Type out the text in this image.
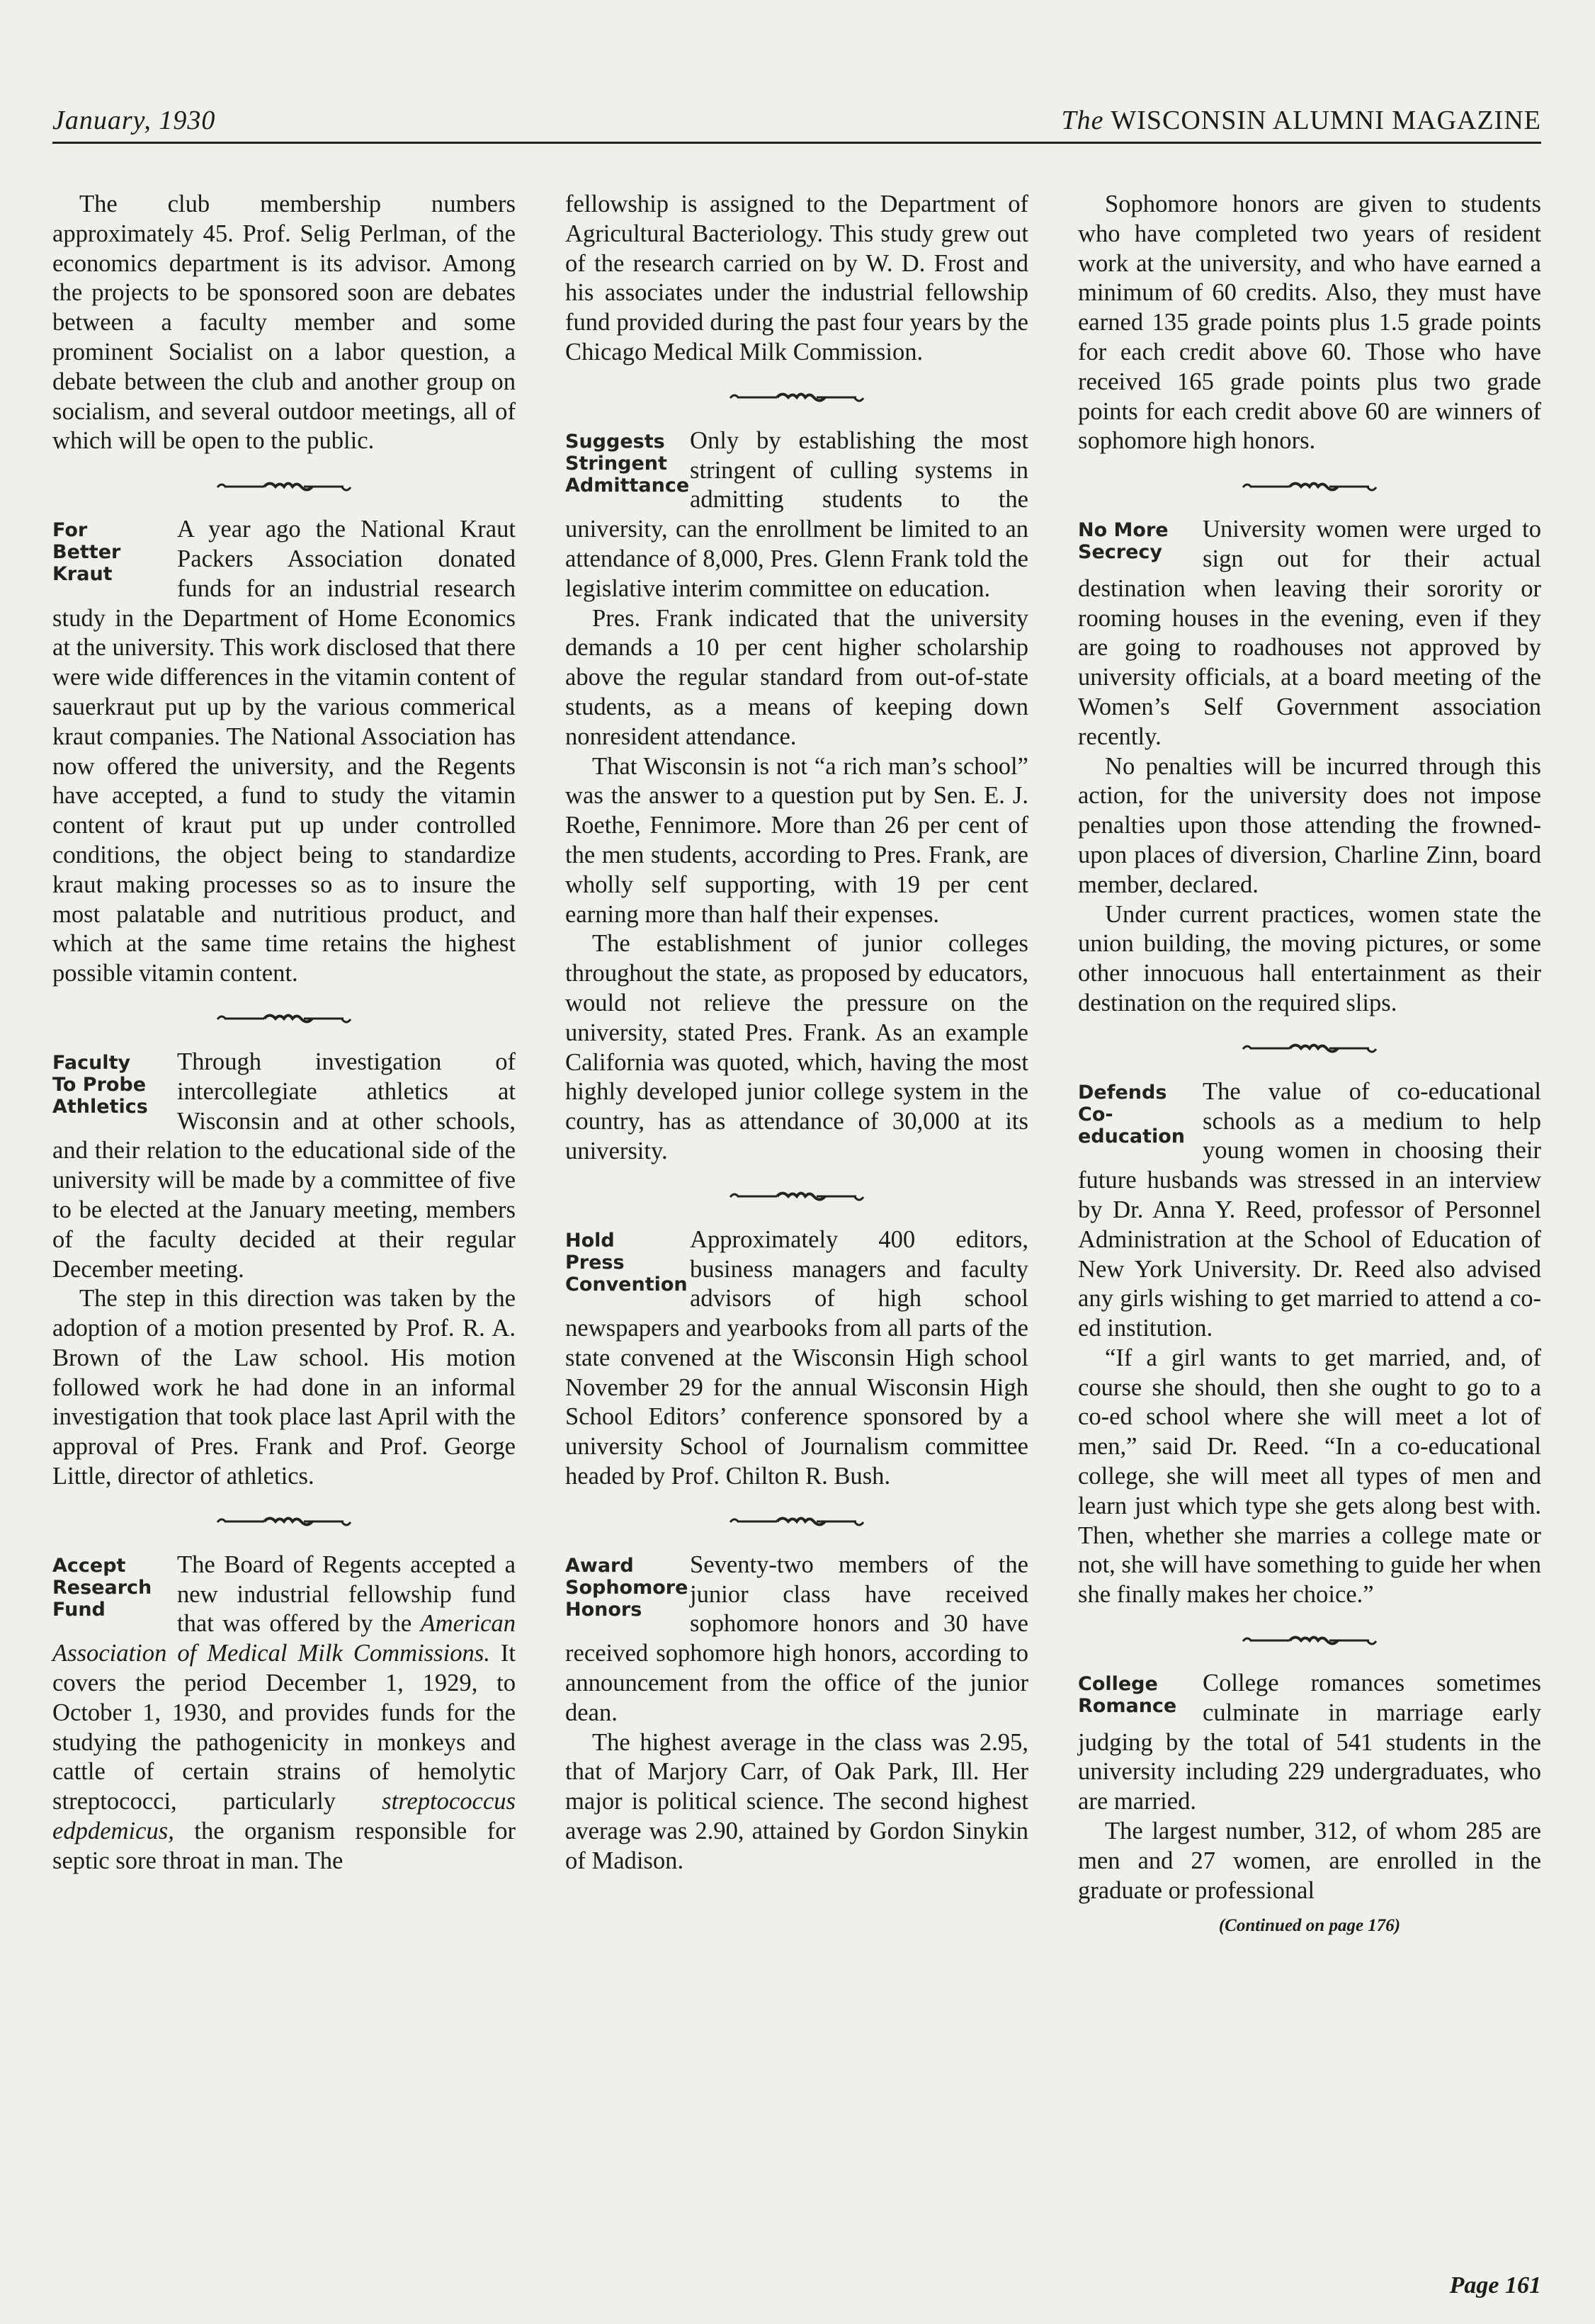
January, 1930	The WISCONSIN ALUMNI MAGAZINE

The club membership numbers approximately 45. Prof. Selig Perlman, of the economics department is its advisor. Among the projects to be sponsored soon are debates between a faculty member and some prominent Socialist on a labor question, a debate between the club and another group on socialism, and several outdoor meetings, all of which will be open to the public.

For
Better
Kraut

A year ago the National Kraut Packers Association donated funds for an industrial research study in the Department of Home Economics at the university. This work disclosed that there were wide differences in the vitamin content of sauerkraut put up by the various commerical kraut companies. The National Association has now offered the university, and the Regents have accepted, a fund to study the vitamin content of kraut put up under controlled conditions, the object being to standardize kraut making processes so as to insure the most palatable and nutritious product, and which at the same time retains the highest possible vitamin content.

Faculty
To Probe
Athletics

Through investigation of intercollegiate athletics at Wisconsin and at other schools, and their relation to the educational side of the university will be made by a committee of five to be elected at the January meeting, members of the faculty decided at their regular December meeting.

The step in this direction was taken by the adoption of a motion presented by Prof. R. A. Brown of the Law school. His motion followed work he had done in an informal investigation that took place last April with the approval of Pres. Frank and Prof. George Little, director of athletics.

Accept
Research
Fund

The Board of Regents accepted a new industrial fellowship fund that was offered by the American Association of Medical Milk Commissions. It covers the period December 1, 1929, to October 1, 1930, and provides funds for the studying the pathogenicity in monkeys and cattle of certain strains of hemolytic streptococci, particularly streptococcus edpdemicus, the organism responsible for septic sore throat in man. The

fellowship is assigned to the Department of Agricultural Bacteriology. This study grew out of the research carried on by W. D. Frost and his associates under the industrial fellowship fund provided during the past four years by the Chicago Medical Milk Commission.

Suggests
Stringent
Admittance

Only by establishing the most stringent of culling systems in admitting students to the university, can the enrollment be limited to an attendance of 8,000, Pres. Glenn Frank told the legislative interim committee on education.

Pres. Frank indicated that the university demands a 10 per cent higher scholarship above the regular standard from out-of-state students, as a means of keeping down nonresident attendance.

That Wisconsin is not “a rich man’s school” was the answer to a question put by Sen. E. J. Roethe, Fennimore. More than 26 per cent of the men students, according to Pres. Frank, are wholly self supporting, with 19 per cent earning more than half their expenses.

The establishment of junior colleges throughout the state, as proposed by educators, would not relieve the pressure on the university, stated Pres. Frank. As an example California was quoted, which, having the most highly developed junior college system in the country, has as attendance of 30,000 at its university.

Hold
Press
Convention

Approximately 400 editors, business managers and faculty advisors of high school newspapers and yearbooks from all parts of the state convened at the Wisconsin High school November 29 for the annual Wisconsin High School Editors’ conference sponsored by a university School of Journalism committee headed by Prof. Chilton R. Bush.

Award
Sophomore
Honors

Seventy-two members of the junior class have received sophomore honors and 30 have received sophomore high honors, according to announcement from the office of the junior dean.

The highest average in the class was 2.95, that of Marjory Carr, of Oak Park, Ill. Her major is political science. The second highest average was 2.90, attained by Gordon Sinykin of Madison.

Sophomore honors are given to students who have completed two years of resident work at the university, and who have earned a minimum of 60 credits. Also, they must have earned 135 grade points plus 1.5 grade points for each credit above 60. Those who have received 165 grade points plus two grade points for each credit above 60 are winners of sophomore high honors.

No More
Secrecy

University women were urged to sign out for their actual destination when leaving their sorority or rooming houses in the evening, even if they are going to roadhouses not approved by university officials, at a board meeting of the Women’s Self Government association recently.

No penalties will be incurred through this action, for the university does not impose penalties upon those attending the frowned-upon places of diversion, Charline Zinn, board member, declared.

Under current practices, women state the union building, the moving pictures, or some other innocuous hall entertainment as their destination on the required slips.

Defends
Co-education

The value of co-educational schools as a medium to help young women in choosing their future husbands was stressed in an interview by Dr. Anna Y. Reed, professor of Personnel Administration at the School of Education of New York University. Dr. Reed also advised any girls wishing to get married to attend a co-ed institution.

“If a girl wants to get married, and, of course she should, then she ought to go to a co-ed school where she will meet a lot of men,” said Dr. Reed. “In a co-educational college, she will meet all types of men and learn just which type she gets along best with. Then, whether she marries a college mate or not, she will have something to guide her when she finally makes her choice.”

College
Romance

College romances sometimes culminate in marriage early judging by the total of 541 students in the university including 229 undergraduates, who are married.

The largest number, 312, of whom 285 are men and 27 women, are enrolled in the graduate or professional

(Continued on page 176)
Page 161
